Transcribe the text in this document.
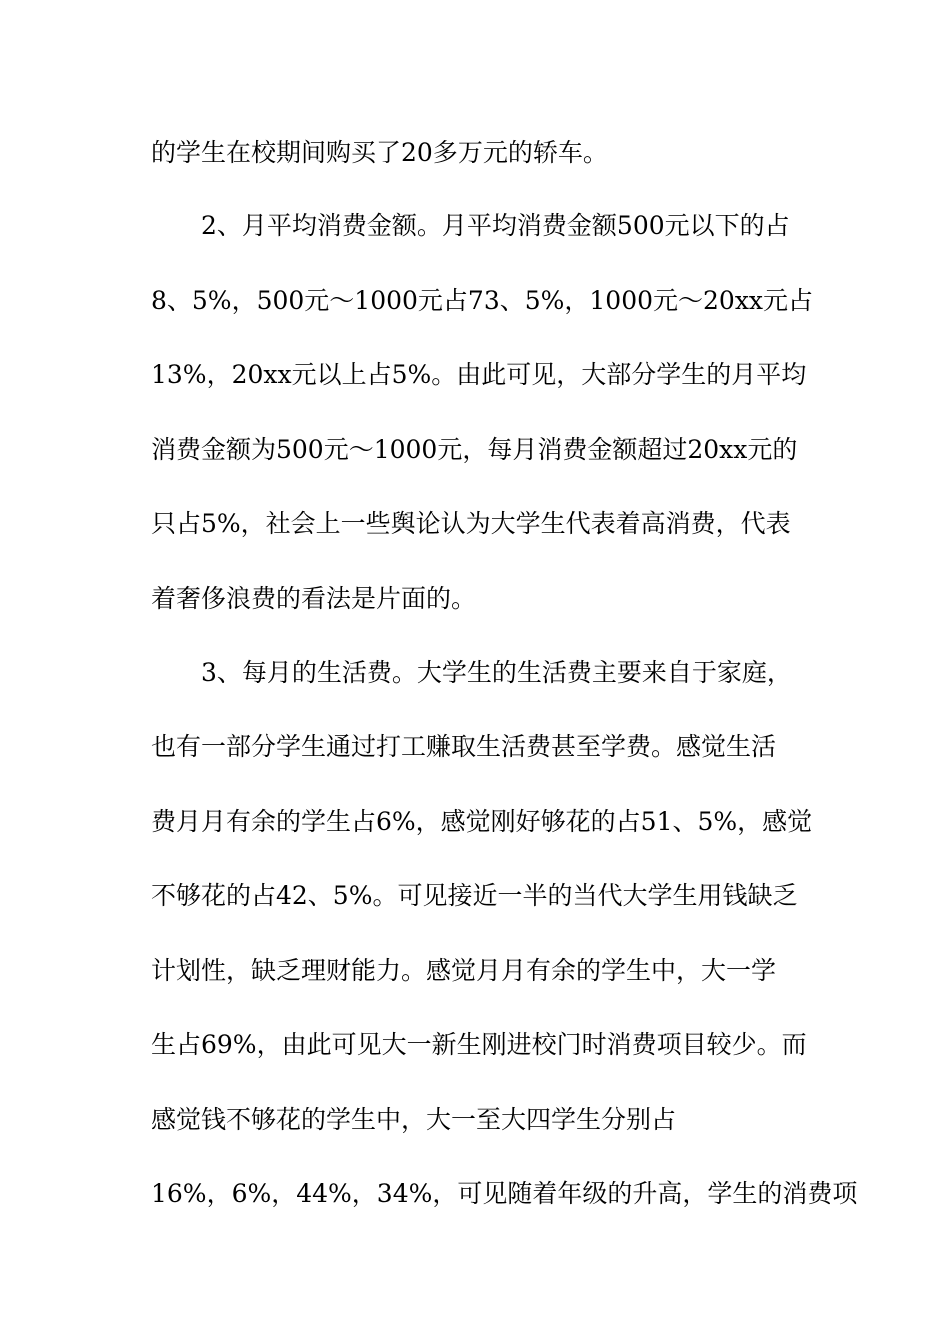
的学生在校期间购买了20多万元的轿车。
2、月平均消费金额。月平均消费金额500元以下的占
8、5%，500元～1000元占73、5%，1000元～20xx元占
13%，20xx元以上占5%。由此可见，大部分学生的月平均
消费金额为500元～1000元，每月消费金额超过20xx元的
只占5%，社会上一些舆论认为大学生代表着高消费，代表
着奢侈浪费的看法是片面的。
3、每月的生活费。大学生的生活费主要来自于家庭，
也有一部分学生通过打工赚取生活费甚至学费。感觉生活
费月月有余的学生占6%，感觉刚好够花的占51、5%，感觉
不够花的占42、5%。可见接近一半的当代大学生用钱缺乏
计划性，缺乏理财能力。感觉月月有余的学生中，大一学
生占69%，由此可见大一新生刚进校门时消费项目较少。而
感觉钱不够花的学生中，大一至大四学生分别占
16%，6%，44%，34%，可见随着年级的升高，学生的消费项
